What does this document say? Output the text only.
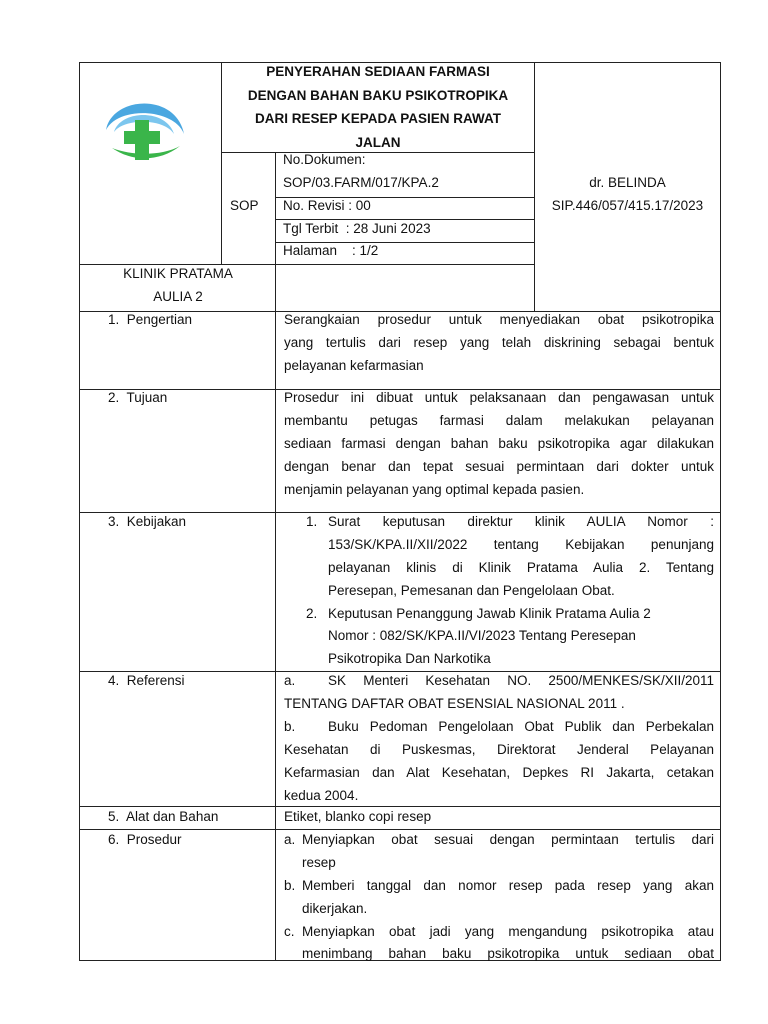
PENYERAHAN SEDIAAN FARMASI
DENGAN BAHAN BAKU PSIKOTROPIKA
DARI RESEP KEPADA PASIEN RAWAT
JALAN
SOP
No.Dokumen:
SOP/03.FARM/017/KPA.2
No. Revisi : 00
Tgl Terbit  : 28 Juni 2023
Halaman    : 1/2
dr. BELINDA
SIP.446/057/415.17/2023
KLINIK PRATAMA
AULIA 2
1.  Pengertian	Serangkaian prosedur untuk menyediakan obat psikotropika
yang tertulis dari resep yang telah diskrining sebagai bentuk
pelayanan kefarmasian
2.  Tujuan	Prosedur ini dibuat untuk pelaksanaan dan pengawasan untuk
membantu petugas farmasi dalam melakukan pelayanan
sediaan farmasi dengan bahan baku psikotropika agar dilakukan
dengan benar dan tepat sesuai permintaan dari dokter untuk
menjamin pelayanan yang optimal kepada pasien.
3.  Kebijakan	1. Surat keputusan direktur klinik AULIA Nomor :
153/SK/KPA.II/XII/2022 tentang Kebijakan penunjang
pelayanan klinis di Klinik Pratama Aulia 2. Tentang
Peresepan, Pemesanan dan Pengelolaan Obat.
2. Keputusan Penanggung Jawab Klinik Pratama Aulia 2
Nomor : 082/SK/KPA.II/VI/2023 Tentang Peresepan
Psikotropika Dan Narkotika
4.  Referensi	a. SK Menteri Kesehatan NO. 2500/MENKES/SK/XII/2011
TENTANG DAFTAR OBAT ESENSIAL NASIONAL 2011 .
b. Buku Pedoman Pengelolaan Obat Publik dan Perbekalan
Kesehatan di Puskesmas, Direktorat Jenderal Pelayanan
Kefarmasian dan Alat Kesehatan, Depkes RI Jakarta, cetakan
kedua 2004.
5.  Alat dan Bahan	Etiket, blanko copi resep
6.  Prosedur	a. Menyiapkan obat sesuai dengan permintaan tertulis dari
resep
b. Memberi tanggal dan nomor resep pada resep yang akan
dikerjakan.
c. Menyiapkan obat jadi yang mengandung psikotropika atau
menimbang bahan baku psikotropika untuk sediaan obat
